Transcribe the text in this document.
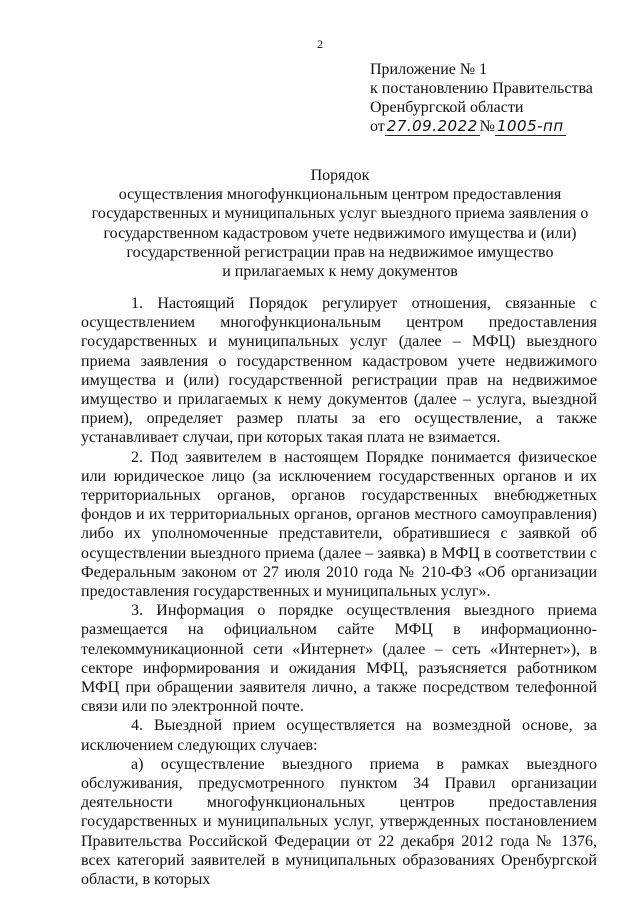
2
Приложение № 1
к постановлению Правительства
Оренбургской области
от 27.09.2022 № 1005-пп
Порядок
осуществления многофункциональным центром предоставления
государственных и муниципальных услуг выездного приема заявления о
государственном кадастровом учете недвижимого имущества и (или)
государственной регистрации прав на недвижимое имущество
и прилагаемых к нему документов

1. Настоящий Порядок регулирует отношения, связанные с осуществлением многофункциональным центром предоставления государственных и муниципальных услуг (далее – МФЦ) выездного приема заявления о государственном кадастровом учете недвижимого имущества и (или) государственной регистрации прав на недвижимое имущество и прилагаемых к нему документов (далее – услуга, выездной прием), определяет размер платы за его осуществление, а также устанавливает случаи, при которых такая плата не взимается.

2. Под заявителем в настоящем Порядке понимается физическое или юридическое лицо (за исключением государственных органов и их территориальных органов, органов государственных внебюджетных фондов и их территориальных органов, органов местного самоуправления) либо их уполномоченные представители, обратившиеся с заявкой об осуществлении выездного приема (далее – заявка) в МФЦ в соответствии с Федеральным законом от 27 июля 2010 года № 210-ФЗ «Об организации предоставления государственных и муниципальных услуг».

3. Информация о порядке осуществления выездного приема размещается на официальном сайте МФЦ в информационно-телекоммуникационной сети «Интернет» (далее – сеть «Интернет»), в секторе информирования и ожидания МФЦ, разъясняется работником МФЦ при обращении заявителя лично, а также посредством телефонной связи или по электронной почте.

4. Выездной прием осуществляется на возмездной основе, за исключением следующих случаев:

а) осуществление выездного приема в рамках выездного обслуживания, предусмотренного пунктом 34 Правил организации деятельности многофункциональных центров предоставления государственных и муниципальных услуг, утвержденных постановлением Правительства Российской Федерации от 22 декабря 2012 года № 1376, всех категорий заявителей в муниципальных образованиях Оренбургской области, в которых
